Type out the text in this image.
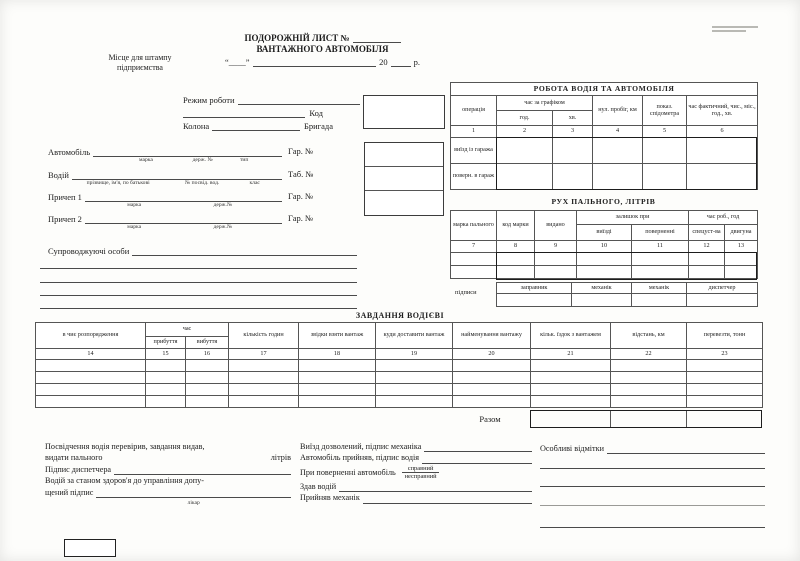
Місце для штампу
підприємства
ПОДОРОЖНІЙ ЛИСТ №
ВАНТАЖНОГО АВТОМОБІЛЯ
“____”	20	р.
Режим роботи
Код
Колона	Бригада
Автомобіль
марка	держ. №	тип
Гар. №
Водій
прізвище, ім'я, по батькові	№ посвід. вод.	клас
Таб. №
Причеп 1
марка	держ.№
Гар. №
Причеп 2
марка	держ.№
Гар. №
Супроводжуючі особи
РОБОТА ВОДІЯ ТА АВТОМОБІЛЯ					
операція	час за графіком		нул. пробіг, км	показ. спідометра	час фактичний, чис., міс., год., хв.
	год.	хв.			
1	2	3	4	5	6
виїзд із гаража					
поверн. в гараж					
РУХ ПАЛЬНОГО, ЛІТРІВ
марка пального	код марки	видано	залишок при		час роб., год	
			виїзді	поверненні	спецуст-ва	двигуна
7	8	9	10	11	12	13

підписи
заправник	механік	механік	диспетчер

ЗАВДАННЯ ВОДІЄВІ
в чиє розпорядження	час		кількість годин	звідки взяти вантаж	куди доставити вантаж	найменування вантажу	кільк. їздок з вантажем	відстань, км	перевезти, тонн
	прибуття	вибуття							
14	15	16	17	18	19	20	21	22	23

Разом
Посвідчення водія перевірив, завдання видав,
видати пального	літрів
Підпис диспетчера
Водій за станом здоров'я до управління допу-
щений підпис
лікар
Виїзд дозволений, підпис механіка
Автомобіль прийняв, підпис водія
При поверненні автомобіль	справний
несправний
Здав водій
Прийняв механік
Особливі відмітки
